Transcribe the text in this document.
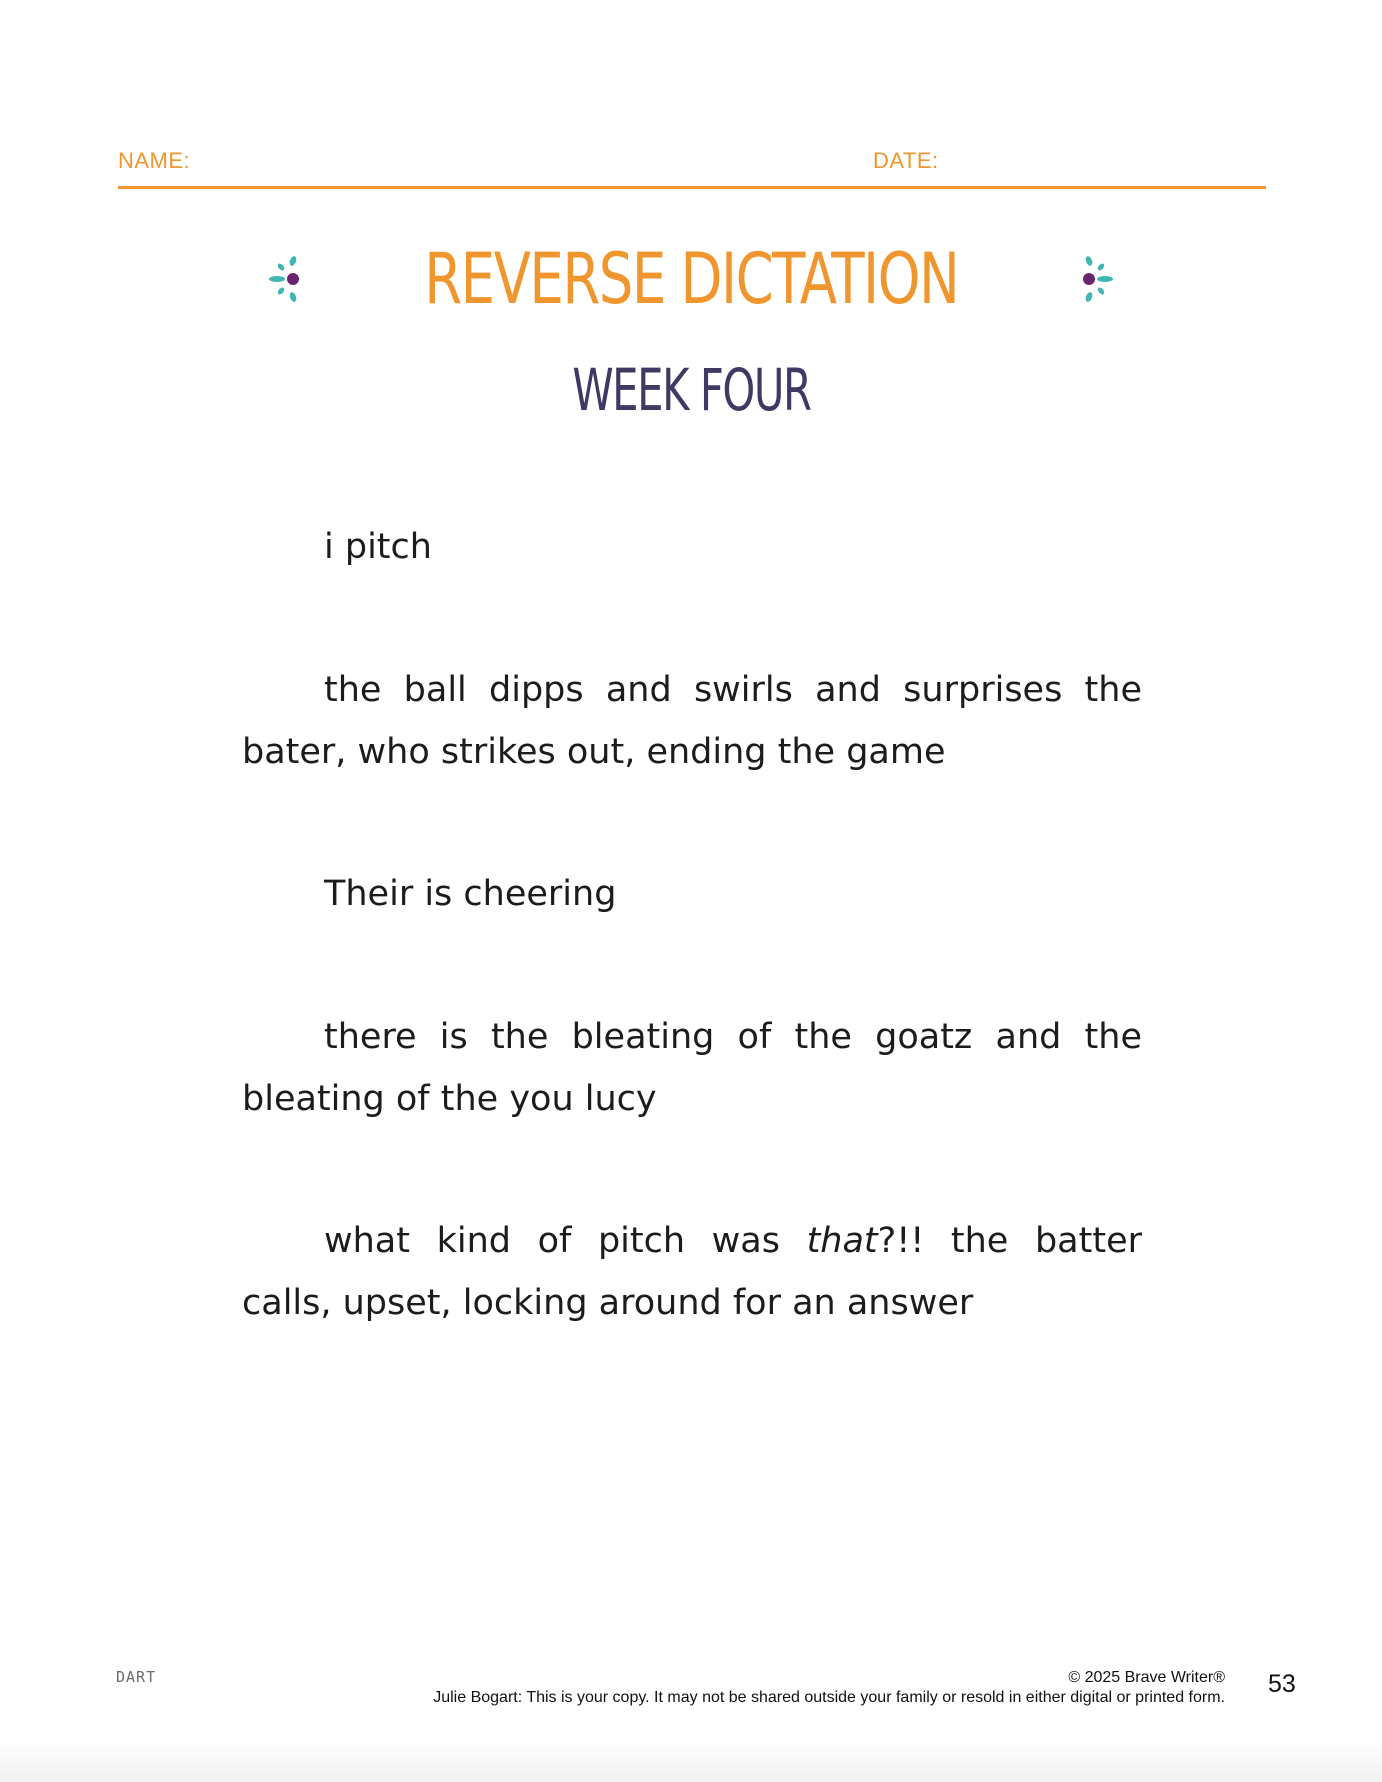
NAME:	DATE:
REVERSE DICTATION
WEEK FOUR
i pitch
the ball dipps and swirls and surprises the
bater, who strikes out, ending the game
Their is cheering
there is the bleating of the goatz and the
bleating of the you lucy
what kind of pitch was that?!! the batter
calls, upset, locking around for an answer
DART	© 2025 Brave Writer®
Julie Bogart: This is your copy. It may not be shared outside your family or resold in either digital or printed form. 53
